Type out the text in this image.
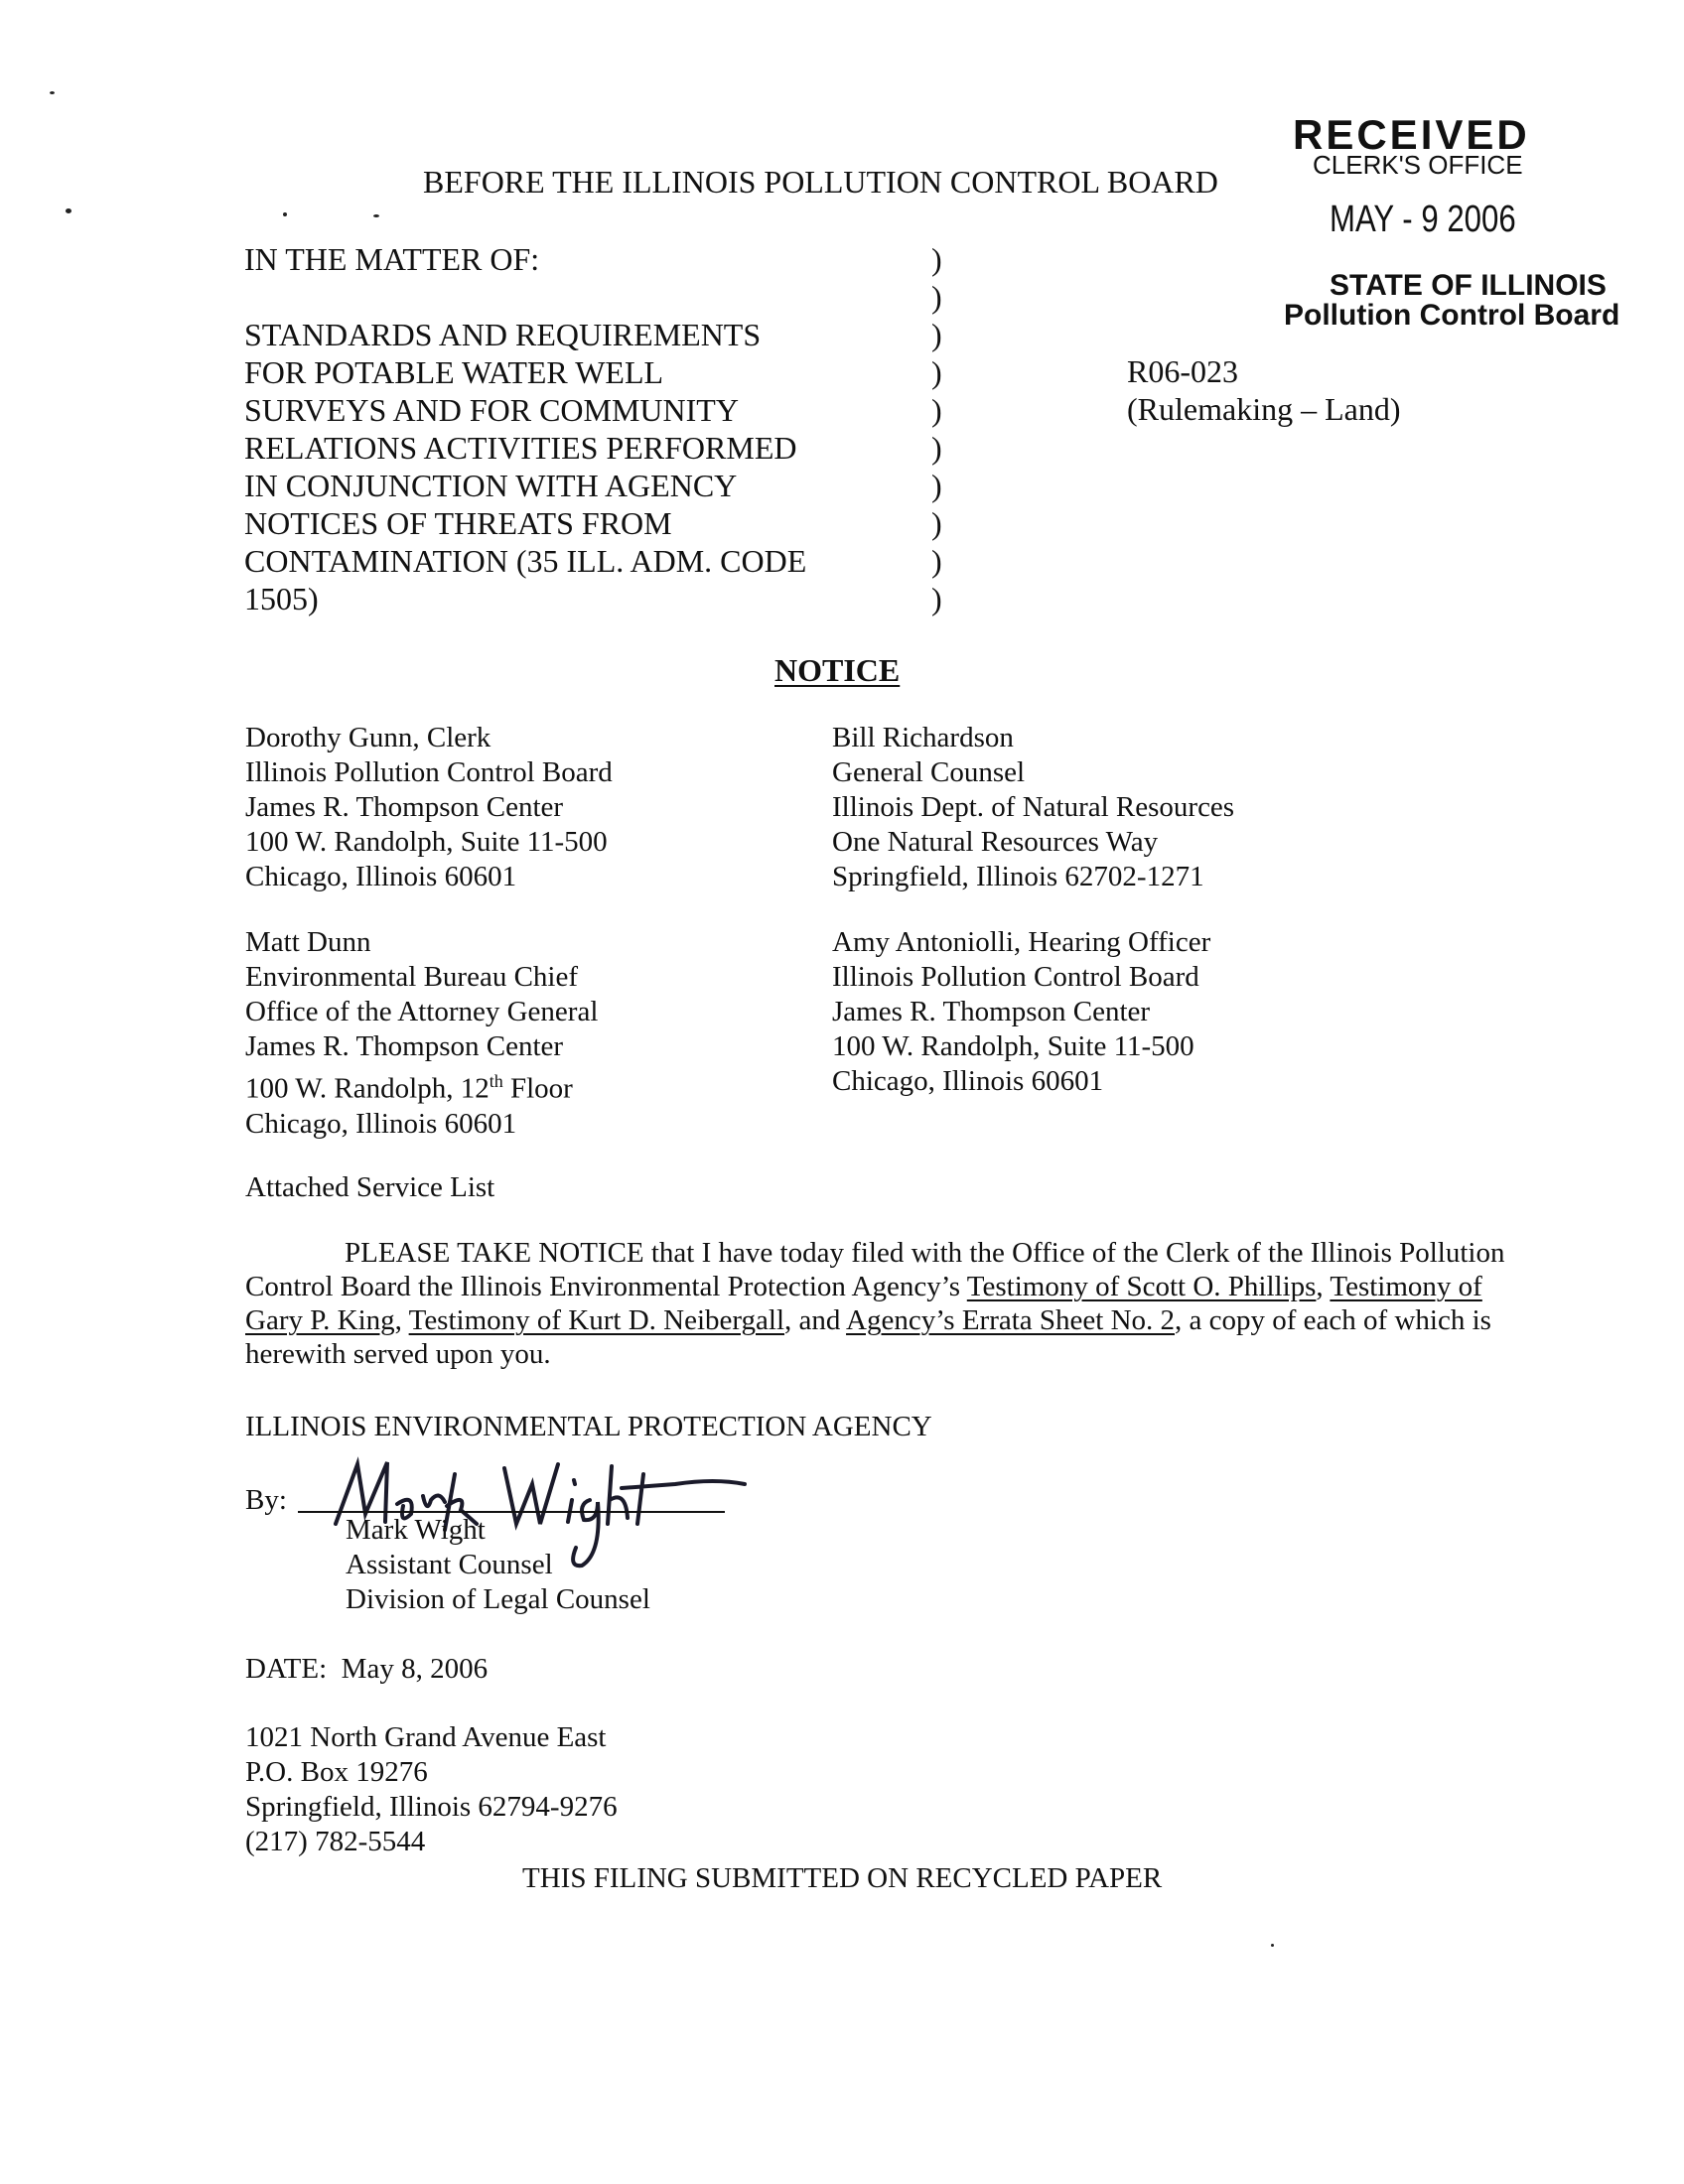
RECEIVED
CLERK'S OFFICE
MAY - 9 2006
STATE OF ILLINOIS
Pollution Control Board
BEFORE THE ILLINOIS POLLUTION CONTROL BOARD
IN THE MATTER OF:

STANDARDS AND REQUIREMENTS
FOR POTABLE WATER WELL
SURVEYS AND FOR COMMUNITY
RELATIONS ACTIVITIES PERFORMED
IN CONJUNCTION WITH AGENCY
NOTICES OF THREATS FROM
CONTAMINATION (35 ILL. ADM. CODE
1505)
)
)
)
)
)
)
)
)
)
)
R06-023
(Rulemaking – Land)
NOTICE
Dorothy Gunn, Clerk
Illinois Pollution Control Board
James R. Thompson Center
100 W. Randolph, Suite 11-500
Chicago, Illinois 60601
Bill Richardson
General Counsel
Illinois Dept. of Natural Resources
One Natural Resources Way
Springfield, Illinois 62702-1271
Matt Dunn
Environmental Bureau Chief
Office of the Attorney General
James R. Thompson Center
100 W. Randolph, 12th Floor
Chicago, Illinois 60601
Amy Antoniolli, Hearing Officer
Illinois Pollution Control Board
James R. Thompson Center
100 W. Randolph, Suite 11-500
Chicago, Illinois 60601
Attached Service List
PLEASE TAKE NOTICE that I have today filed with the Office of the Clerk of the Illinois Pollution Control Board the Illinois Environmental Protection Agency’s Testimony of Scott O. Phillips, Testimony of Gary P. King, Testimony of Kurt D. Neibergall, and Agency’s Errata Sheet No. 2, a copy of each of which is herewith served upon you.
ILLINOIS ENVIRONMENTAL PROTECTION AGENCY
By:
Mark Wight
Assistant Counsel
Division of Legal Counsel
DATE:  May 8, 2006
1021 North Grand Avenue East
P.O. Box 19276
Springfield, Illinois 62794-9276
(217) 782-5544
THIS FILING SUBMITTED ON RECYCLED PAPER
